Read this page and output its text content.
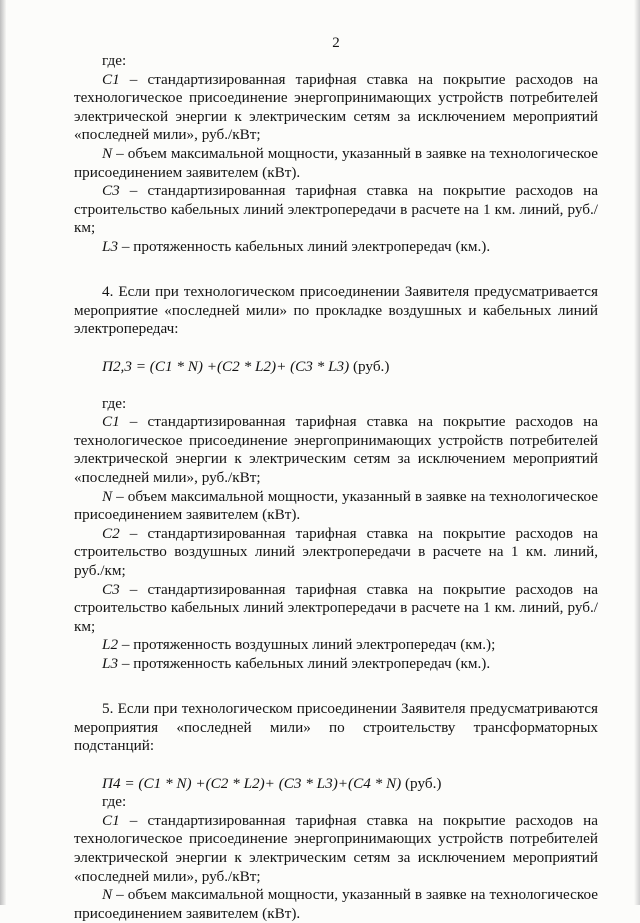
2

где:

C1 – стандартизированная тарифная ставка на покрытие расходов на технологическое присоединение энергопринимающих устройств потребителей электрической энергии к электрическим сетям за исключением мероприятий «последней мили», руб./кВт;

N – объем максимальной мощности, указанный в заявке на технологическое присоединением заявителем (кВт).

C3 – стандартизированная тарифная ставка на покрытие расходов на строительство кабельных линий электропередачи в расчете на 1 км. линий, руб./км;

L3 – протяженность кабельных линий электропередач (км.).

4. Если при технологическом присоединении Заявителя предусматривается мероприятие «последней мили» по прокладке воздушных и кабельных линий электропередач:

П2,3 = (C1 * N) +(C2 * L2)+ (C3 * L3) (руб.)

где:

C1 – стандартизированная тарифная ставка на покрытие расходов на технологическое присоединение энергопринимающих устройств потребителей электрической энергии к электрическим сетям за исключением мероприятий «последней мили», руб./кВт;

N – объем максимальной мощности, указанный в заявке на технологическое присоединением заявителем (кВт).

C2 – стандартизированная тарифная ставка на покрытие расходов на строительство воздушных линий электропередачи в расчете на 1 км. линий, руб./км;

C3 – стандартизированная тарифная ставка на покрытие расходов на строительство кабельных линий электропередачи в расчете на 1 км. линий, руб./км;

L2 – протяженность воздушных линий электропередач (км.);

L3 – протяженность кабельных линий электропередач (км.).

5. Если при технологическом присоединении Заявителя предусматриваются мероприятия «последней мили» по строительству трансформаторных подстанций:

П4 = (C1 * N) +(C2 * L2)+ (C3 * L3)+(C4 * N) (руб.)

где:

C1 – стандартизированная тарифная ставка на покрытие расходов на технологическое присоединение энергопринимающих устройств потребителей электрической энергии к электрическим сетям за исключением мероприятий «последней мили», руб./кВт;

N – объем максимальной мощности, указанный в заявке на технологическое присоединением заявителем (кВт).
